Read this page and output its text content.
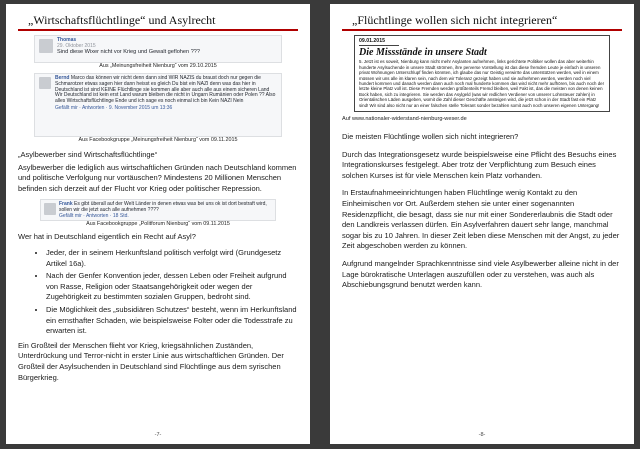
„Wirtschaftsflüchtlinge“ und Asylrecht
Thomas
29. Oktober 2015
Sind diese Wixer nicht vor Krieg und Gewalt geflohen ???
Aus „Meinungsfreiheit Nienburg“ vom 29.10.2015
Bernd Marco das können wir nicht denn dann sind WIR NAZIS du braust doch nur gegen die Schmarotzer etwas sagen hier dann heisst es gleich Du bist ein NAZI denn was das hier in Deutschland ist sind KEINE Flüchtlinge sie kommen alle aber auch alle aus einem sicheren Land Wir Deutschland ist kein erst Land warum bleiben die nicht in Ungarn Rumänien oder Polen ?? Also alles Wirtschaftsflüchtlinge Ende und ich sage es noch einmal ich bin Kein NAZI Nein
Gefällt mir · Antworten · 9. November 2015 um 13:36
Aus Facebookgruppe „Meinungsfreiheit Nienburg“ vom 09.11.2015

„Asylbewerber sind Wirtschaftsflüchtlinge“

Asylbewerber die lediglich aus wirtschaftlichen Gründen nach Deutschland kommen und politische Verfolgung nur vortäuschen? Mindestens 20 Millionen Menschen befinden sich derzeit auf der Flucht vor Krieg oder politischer Repression.

Frank Es gibt überall auf der Welt Länder in denen etwas was bei uns ok ist dort bestraft wird, sollen wir die jetzt auch alle aufnehmen ????
Gefällt mir · Antworten · 18 Std.
Aus Facebookgruppe „Politforum Nienburg“ vom 09.11.2015

Wer hat in Deutschland eigentlich ein Recht auf Asyl?

• Jeder, der in seinem Herkunftsland politisch verfolgt wird (Grundgesetz Artikel 16a).
• Nach der Genfer Konvention jeder, dessen Leben oder Freiheit aufgrund von Rasse, Religion oder Staatsangehörigkeit oder wegen der Zugehörigkeit zu bestimmten sozialen Gruppen, bedroht sind.
• Die Möglichkeit des „subsidiären Schutzes“ besteht, wenn im Herkunftsland ein ernsthafter Schaden, wie beispielsweise Folter oder die Todesstrafe zu erwarten ist.

Ein Großteil der Menschen flieht vor Krieg, kriegsähnlichen Zuständen, Unterdrückung und Terror-nicht in erster Linie aus wirtschaftlichen Gründen. Der Großteil der Asylsuchenden in Deutschland sind Flüchtlinge aus dem syrischen Bürgerkrieg.

-7-
„Flüchtlinge wollen sich nicht integrieren“
09.01.2015
Die Missstände in unsere Stadt
5. Jetzt ist es soweit, Nienburg kann nicht mehr Asylanten aufnehmen, links gerichtete Politiker wollen das aber weiterhin hunderte Asylsuchende in unsere Stadt strömen, ihre perverse Vorstellung ist das diese fremden Leute je einfach in unseren privat Wohnungen Unterschlupf finden könnten, ich glaube das nur Geistig verwirrte das unterstützen werden, weil in einem müssen wir uns alle im klaren sein, nach dem wir Toleranz gezeigt haben und sie aufnehmen werden, werden noch viel hundert kommen und danach werden dann auch noch mal hunderte kommen das wird nicht mehr aufhören, bis auch noch der letzte kleine Platz voll ist. Diese Fremden werden größtenteils Fremd bleiben, weil Fakt ist, das die meisten von denen keinen Bock haben, sich zu integrieren. Sie werden das Asylgeld (was wir redlichen Verdiener von unserer Lohnsteuer zahlen) in Orientalischen Läden ausgeben, womit die Zahl dieser Geschäfte ansteigen wird, die jetzt schon in der Stadt fast ein Platz sind! Wir sind also nicht nur an einer falschen stelle Tolerant sonder bezahlen somit auch noch unseren eigenen Untergang!
Auf www.nationaler-widerstand-nienburg-weser.de

Die meisten Flüchtlinge wollen sich nicht integrieren?

Durch das Integrationsgesetz wurde beispielsweise eine Pflicht des Besuchs eines Integrationskurses festgelegt. Aber trotz der Verpflichtung zum Besuch eines solchen Kurses ist für viele Menschen kein Platz vorhanden.

In Erstaufnahmeeinrichtungen haben Flüchtlinge wenig Kontakt zu den Einheimischen vor Ort. Außerdem stehen sie unter einer sogenannten Residenzpflicht, die besagt, dass sie nur mit einer Sondererlaubnis die Stadt oder den Landkreis verlassen dürfen. Ein Asylverfahren dauert sehr lange, manchmal sogar bis zu 10 Jahren. In dieser Zeit leben diese Menschen mit der Angst, zu jeder Zeit abgeschoben werden zu können.

Aufgrund mangelnder Sprachkenntnisse sind viele Asylbewerber alleine nicht in der Lage bürokratische Unterlagen auszufüllen oder zu verstehen, was auch als Abschiebungsgrund benutzt werden kann.

-8-
